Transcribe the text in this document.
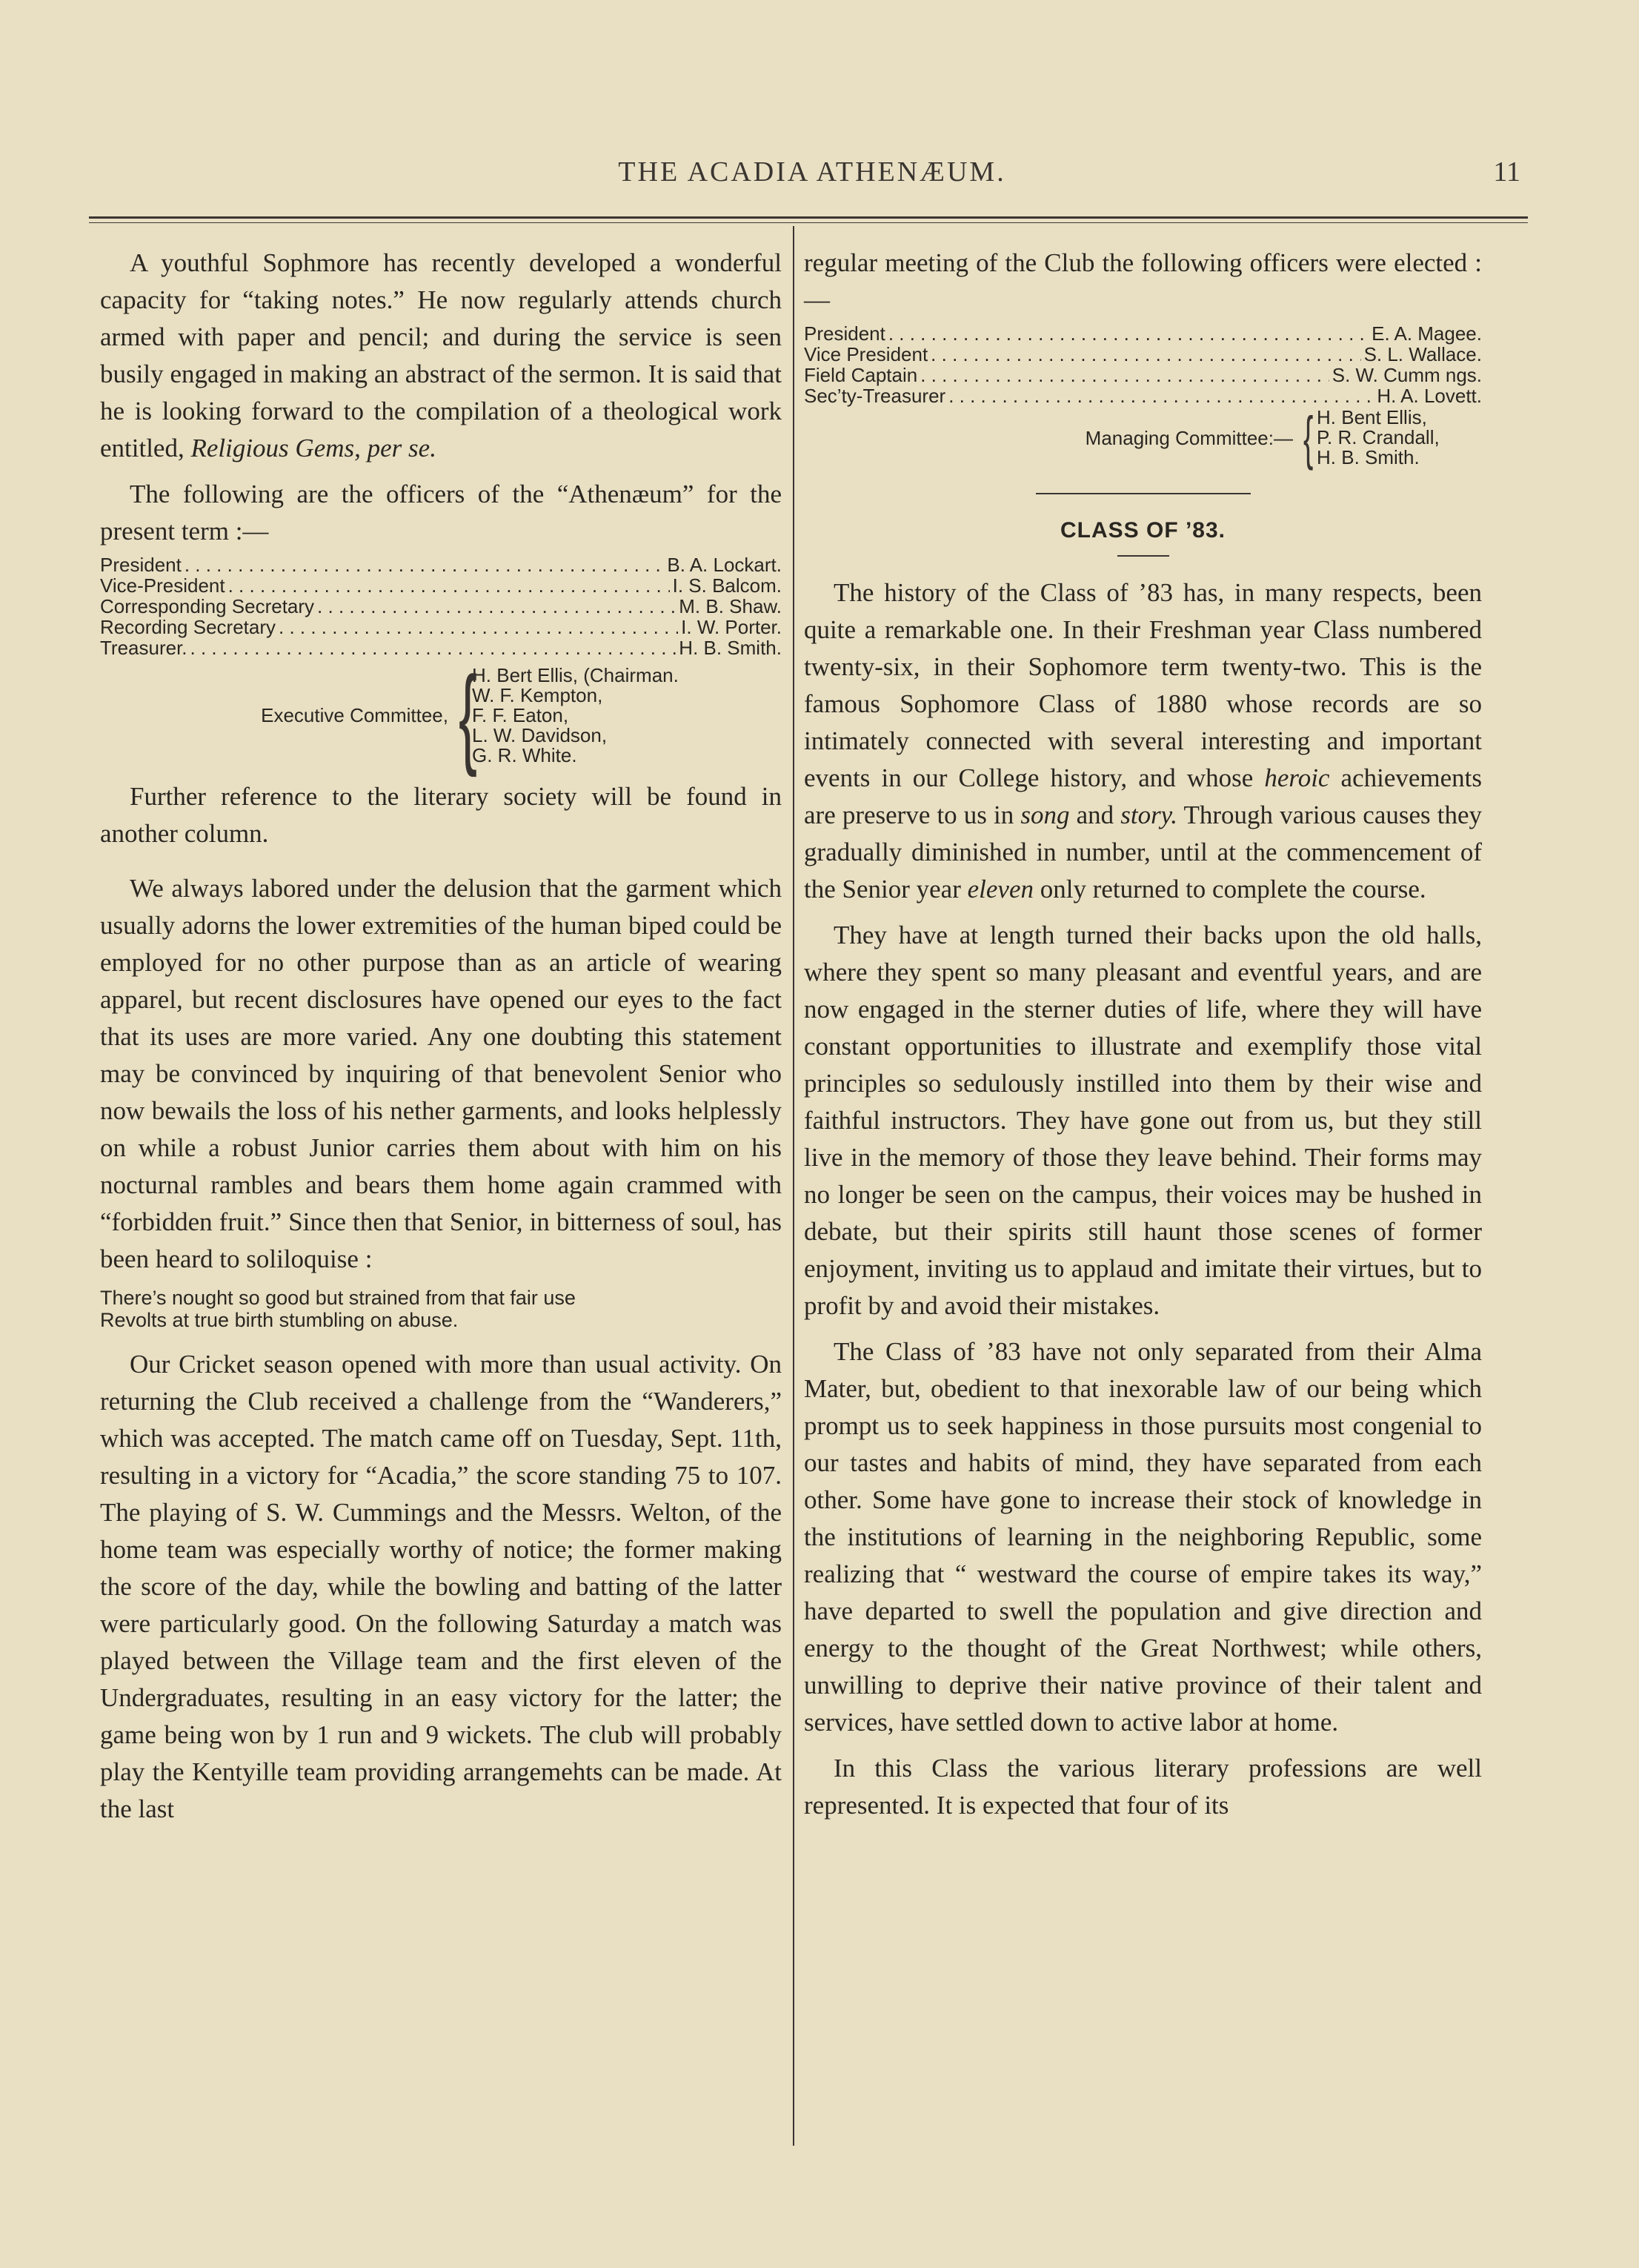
THE ACADIA ATHENÆUM.	11

A youthful Sophmore has recently developed a wonderful capacity for “taking notes.” He now regularly attends church armed with paper and pencil; and during the service is seen busily engaged in making an abstract of the sermon. It is said that he is looking forward to the compilation of a theological work entitled, Religious Gems, per se.

The following are the officers of the “Athenæum” for the present term :—

President . . .	B. A. Lockart.
Vice-President . . .	I. S. Balcom.
Corresponding Secretary . . .	M. B. Shaw.
Recording Secretary . . .	I. W. Porter.
Treasurer. . . .	H. B. Smith.
Executive Committee, {
H. Bert Ellis, (Chairman.
W. F. Kempton,
F. F. Eaton,
L. W. Davidson,
G. R. White.

Further reference to the literary society will be found in another column.

We always labored under the delusion that the garment which usually adorns the lower extremities of the human biped could be employed for no other purpose than as an article of wearing apparel, but recent disclosures have opened our eyes to the fact that its uses are more varied. Any one doubting this statement may be convinced by inquiring of that benevolent Senior who now bewails the loss of his nether garments, and looks helplessly on while a robust Junior carries them about with him on his nocturnal rambles and bears them home again crammed with “forbidden fruit.” Since then that Senior, in bitterness of soul, has been heard to soliloquise :

There’s nought so good but strained from that fair use
Revolts at true birth stumbling on abuse.

Our Cricket season opened with more than usual activity. On returning the Club received a challenge from the “Wanderers,” which was accepted. The match came off on Tuesday, Sept. 11th, resulting in a victory for “Acadia,” the score standing 75 to 107. The playing of S. W. Cummings and the Messrs. Welton, of the home team was especially worthy of notice; the former making the score of the day, while the bowling and batting of the latter were particularly good. On the following Saturday a match was played between the Village team and the first eleven of the Undergraduates, resulting in an easy victory for the latter; the game being won by 1 run and 9 wickets. The club will probably play the Kentyille team providing arrangemehts can be made. At the last

regular meeting of the Club the following officers were elected :—

President . . .	E. A. Magee.
Vice President . . .	S. L. Wallace.
Field Captain . . .	S. W. Cumm ngs.
Sec’ty-Treasurer . . .	H. A. Lovett.
Managing Committee:— { H. Bent Ellis,
P. R. Crandall,
H. B. Smith.
CLASS OF ’83.

The history of the Class of ’83 has, in many respects, been quite a remarkable one. In their Freshman year Class numbered twenty-six, in their Sophomore term twenty-two. This is the famous Sophomore Class of 1880 whose records are so intimately connected with several interesting and important events in our College history, and whose heroic achievements are preserve to us in song and story. Through various causes they gradually diminished in number, until at the commencement of the Senior year eleven only returned to complete the course.

They have at length turned their backs upon the old halls, where they spent so many pleasant and eventful years, and are now engaged in the sterner duties of life, where they will have constant opportunities to illustrate and exemplify those vital principles so sedulously instilled into them by their wise and faithful instructors. They have gone out from us, but they still live in the memory of those they leave behind. Their forms may no longer be seen on the campus, their voices may be hushed in debate, but their spirits still haunt those scenes of former enjoyment, inviting us to applaud and imitate their virtues, but to profit by and avoid their mistakes.

The Class of ’83 have not only separated from their Alma Mater, but, obedient to that inexorable law of our being which prompt us to seek happiness in those pursuits most congenial to our tastes and habits of mind, they have separated from each other. Some have gone to increase their stock of knowledge in the institutions of learning in the neighboring Republic, some realizing that “ westward the course of empire takes its way,” have departed to swell the population and give direction and energy to the thought of the Great Northwest; while others, unwilling to deprive their native province of their talent and services, have settled down to active labor at home.

In this Class the various literary professions are well represented. It is expected that four of its
